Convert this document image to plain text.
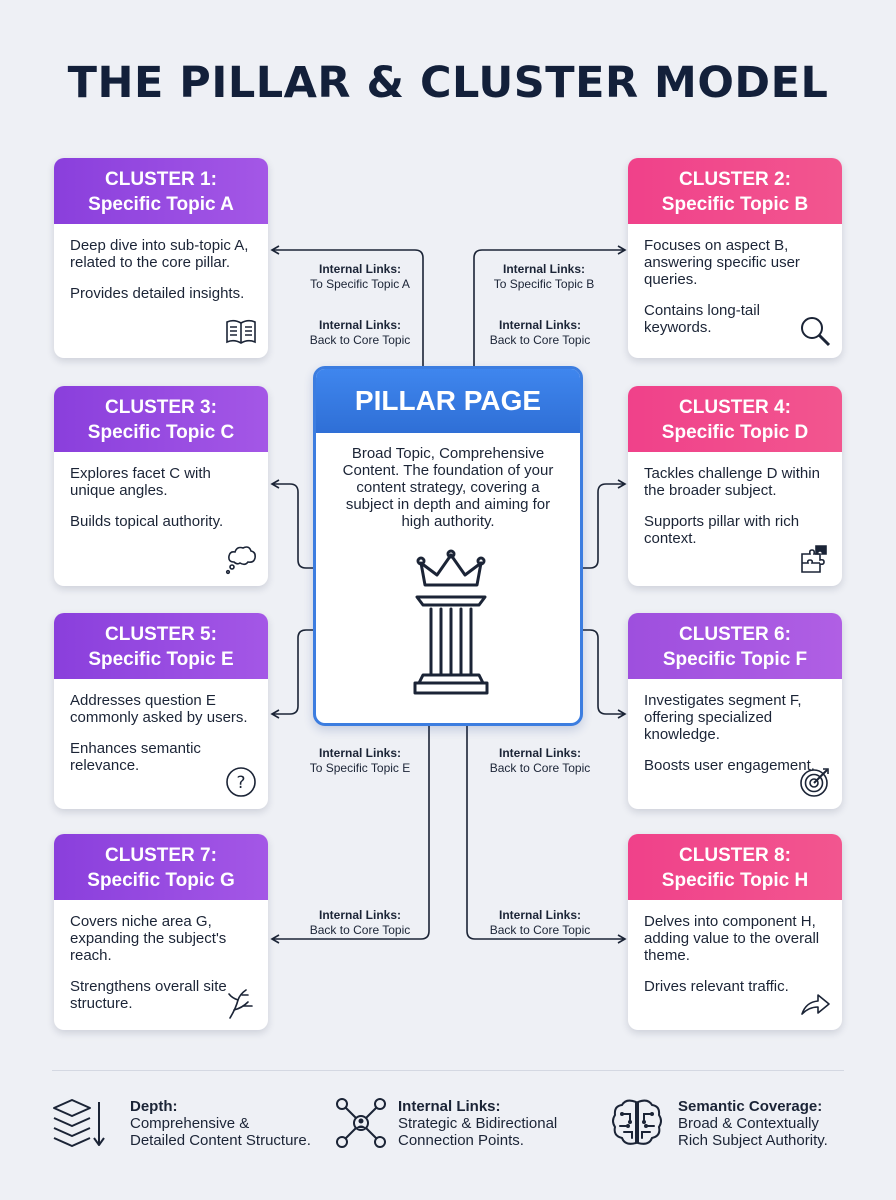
THE PILLAR & CLUSTER MODEL
Internal Links:
To Specific Topic A
Internal Links:
Back to Core Topic
Internal Links:
To Specific Topic B
Internal Links:
Back to Core Topic
Internal Links:
To Specific Topic E
Internal Links:
Back to Core Topic
Internal Links:
Back to Core Topic
Internal Links:
Back to Core Topic
PILLAR PAGE
Broad Topic, Comprehensive Content. The foundation of your content strategy, covering a subject in depth and aiming for high authority.
CLUSTER 1:
Specific Topic A

Deep dive into sub-topic A, related to the core pillar.

Provides detailed insights.

CLUSTER 2:
Specific Topic B

Focuses on aspect B, answering specific user queries.

Contains long-tail keywords.

CLUSTER 3:
Specific Topic C

Explores facet C with unique angles.

Builds topical authority.

CLUSTER 4:
Specific Topic D

Tackles challenge D within the broader subject.

Supports pillar with rich context.

CLUSTER 5:
Specific Topic E

Addresses question E commonly asked by users.

Enhances semantic relevance.

?
CLUSTER 6:
Specific Topic F

Investigates segment F, offering specialized knowledge.

Boosts user engagement.

CLUSTER 7:
Specific Topic G

Covers niche area G, expanding the subject's reach.

Strengthens overall site structure.

CLUSTER 8:
Specific Topic H

Delves into component H, adding value to the overall theme.

Drives relevant traffic.

Depth:
Comprehensive &
Detailed Content Structure.
Internal Links:
Strategic & Bidirectional
Connection Points.
Semantic Coverage:
Broad & Contextually
Rich Subject Authority.
